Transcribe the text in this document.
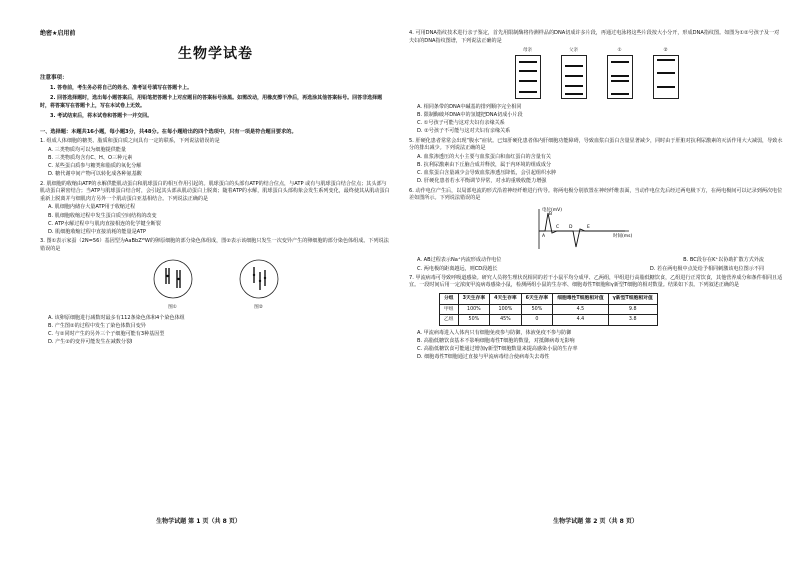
绝密★启用前
生物学试卷
注意事项：
1. 答卷前，考生务必将自己的姓名、准考证号填写在答题卡上。
2. 回答选择题时，选出每小题答案后，用铅笔把答题卡上对应题目的答案标号涂黑。如需改动，用橡皮擦干净后，再选涂其他答案标号。回答非选择题时，将答案写在答题卡上，写在本试卷上无效。
3. 考试结束后，将本试卷和答题卡一并交回。
一、选择题：本题共16小题，每小题3分，共48分。在每小题给出的四个选项中，只有一项是符合题目要求的。
1. 组成人体细胞的糖类、脂质和蛋白质之间具有一定的联系，下列说法错误的是
A. 三类物质均可以为细胞提供能量
B. 三类物质均含有C、H、O三种元素
C. 某些蛋白质参与糖类和脂质的氧化分解
D. 糖代谢中间产物可以转化成各种氨基酸
2. 肌细胞的收缩由ATP的水解供能肌动蛋白和肌球蛋白的相互作用引起的。肌球蛋白的头部有ATP的结合位点，与ATP 或有与肌球蛋白结合位点；其头部与肌动蛋白紧密结合；当ATP与肌球蛋白结合时，会引起其头部从肌动蛋白上脱离；随着ATP的水解，肌球蛋白头部构象会发生系列变化，最终使其从肌动蛋白重新上脱离并与细肌肉方另外一个肌动蛋白亚基相结合。下列说法正确的是
A. 肌细胞内储存大量ATP用于收缩过程
B. 肌细胞收缩过程中发生蛋白质空间结构的改变
C. ATP水解过程中与肌肉直接相连的化学键全断裂
D. 肌细胞收缩过程中直接消耗的能量是ATP
3. 图①表示家蚕（2N=56）基因型为AaBbZᵂW的卵原细胞的部分染色体组成，图②表示该细胞只发生一次变异产生的卵细胞的部分染色体组成。下列说法错误的是
图①	图②
A. 该卵原细胞进行减数时最多有112条染色体和4个染色体组
B. 产生图②的过程中发生了染色体数目变异
C. 与②同时产生的另外三个子细胞可能有3种基因型
D. 产生②的变异可能发生在减数分裂Ⅰ
生物学试题 第 1 页（共 8 页）
4. 可用DNA指纹技术进行亲子鉴定，首先用限制酶将待测样品的DNA切成许多片段，再通过电泳将这些片段按大小分开，形成DNA指纹图。如图为①②号孩子及一对夫妇的DNA指纹图谱，下列说法正确的是
母亲	父亲	①	②
A. 相同条带的DNA中碱基的排列顺序完全相同
B. 限制酶破坏DNA中的氢键把DNA切成小片段
C. ①号孩子可能与这对夫妇有亲缘关系
D. ②号孩子不可能与这对夫妇有亲缘关系
5. 肝硬化患者常常会出现“腹水”症状。已知肝硬化患者体内肝细胞功能障碍，导致血浆白蛋白含量显著减少，同时由于肝脏对抗利尿激素的灭活作用大大减弱，导致水分的排出减少。下列说法正确的是
A. 血浆渗透压的大小主要与血浆蛋白和血红蛋白的含量有关
B. 抗利尿激素由下丘脑合成并释放，属于内环境的组成成分
C. 血浆蛋白含量减少会导致血浆渗透压降低，会引起组织水肿
D. 肝硬化患者若水平衡调节异常，对水的重吸收能力增强
6. 动作电位产生后，以局部电流的形式沿着神经纤维进行传导。将两电极分别放置在神经纤维表面，当动作电位先后经过两电极下方，在两电极间可以记录到两次电位差如图所示。下列说法错误的是
电位(mV)
时间(ms)
A
B
C D	E
A. AB过程表示Na⁺内流形成动作电位	B. BC段存在K⁺以协助扩散方式外流
C. 两电极的距离越远，则CD段越长	D. 若在两电极中点处给予相同刺激该电位图示不同
7. 甲流病毒可导致呼吸道感染。研究人员将生理状况相同的若干小鼠平均分成甲、乙两组，甲组进行高脂低糖饮食，乙组进行正常饮食，其他营养成分和条件相同且适宜。一段时间后用一定浓度甲流病毒感染小鼠，检测两组小鼠的生存率、细胞毒性T细胞和γ新型T细胞的相对数量。结果如下表。下列叙述正确的是
分组	3天生存率	4天生存率	6天生存率	细胞毒性T细胞相对值	γ新型T细胞相对值
甲组	100%	100%	50%	4.5	9.8
乙组	50%	45%	0	4.4	3.8
A. 甲流病毒进入人体内只有细胞免疫参与防御，体液免疫不参与防御
B. 高脂低糖饮食基本不影响细胞毒性T细胞的数量，对抵御病毒无影响
C. 高脂低糖饮食可能通过增加γ新型T细胞数量来提高感染小鼠的生存率
D. 细胞毒性T细胞通过直接与甲流病毒结合使病毒失去毒性
生物学试题 第 2 页（共 8 页）
